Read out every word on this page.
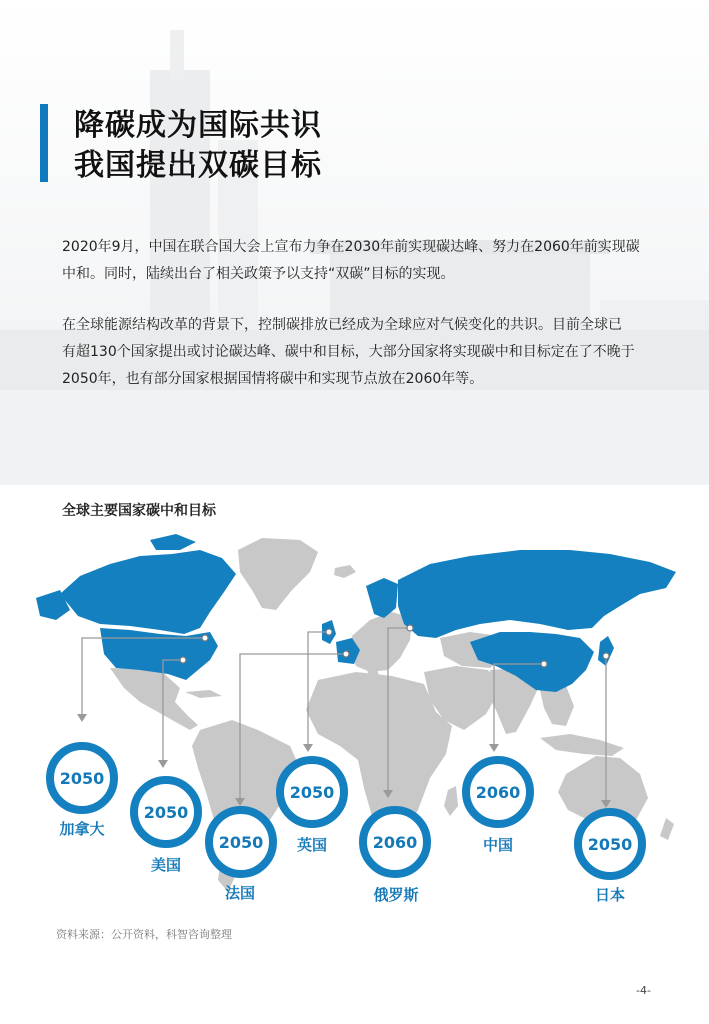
降碳成为国际共识
我国提出双碳目标
2020年9月，中国在联合国大会上宣布力争在2030年前实现碳达峰、努力在2060年前实现碳
中和。同时，陆续出台了相关政策予以支持“双碳”目标的实现。
在全球能源结构改革的背景下，控制碳排放已经成为全球应对气候变化的共识。目前全球已
有超130个国家提出或讨论碳达峰、碳中和目标，大部分国家将实现碳中和目标定在了不晚于
2050年，也有部分国家根据国情将碳中和实现节点放在2060年等。
全球主要国家碳中和目标
2050
加拿大
2050
美国
2050
法国
2050
英国	2060
俄罗斯
2060
中国	2050
日本
资料来源：公开资料，科智咨询整理
-4-
